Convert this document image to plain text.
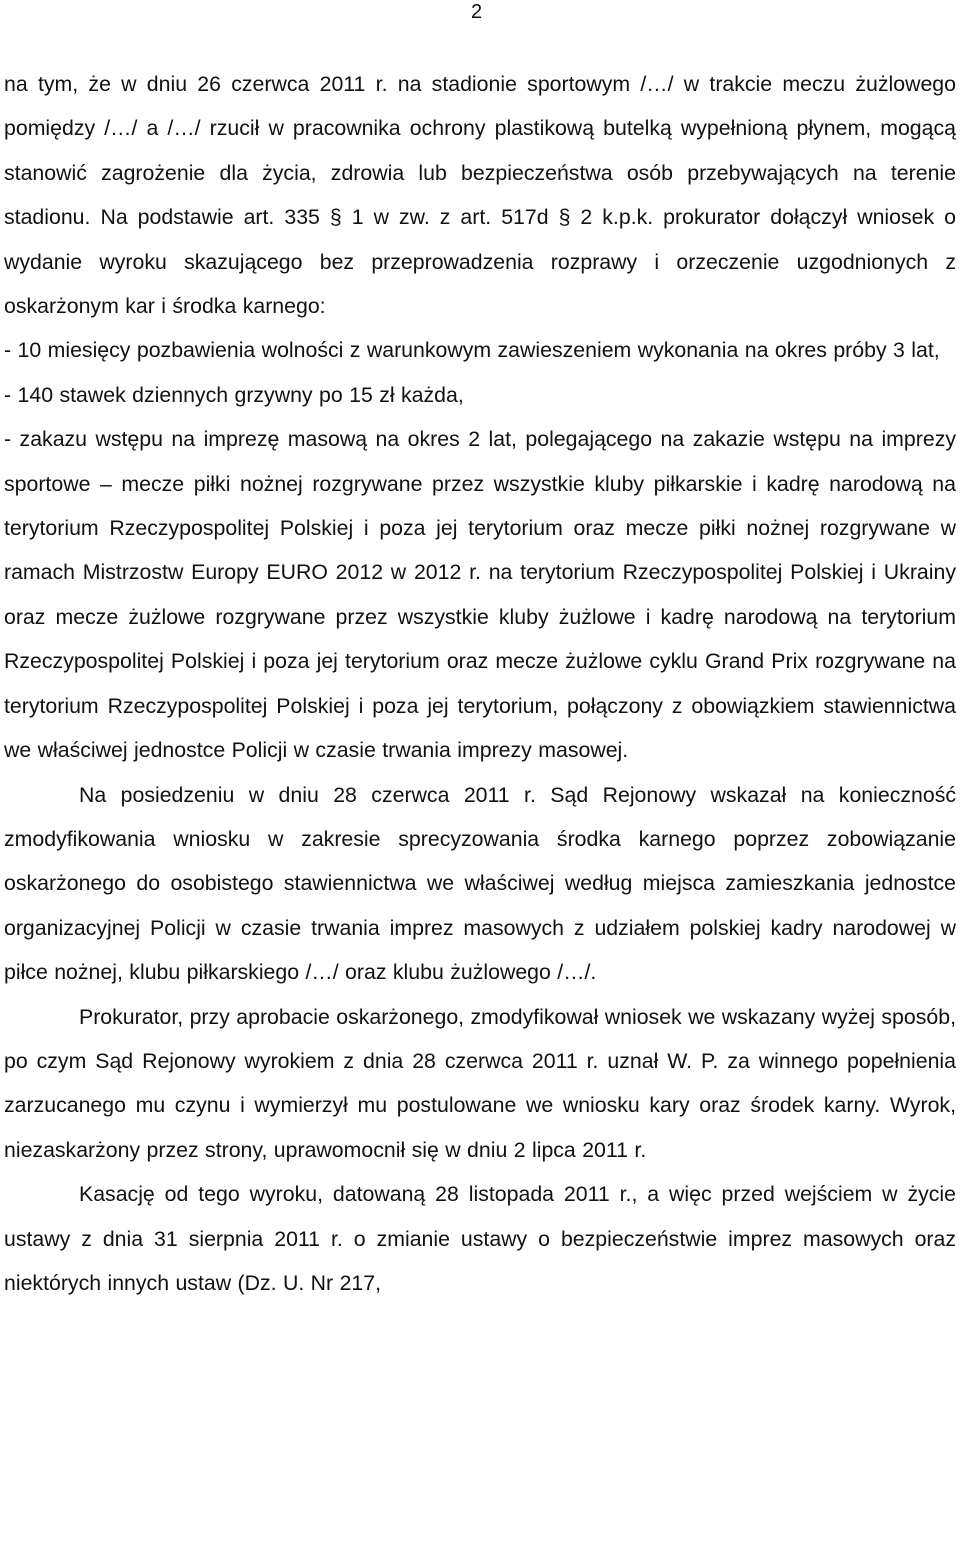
2

na tym, że w dniu 26 czerwca 2011 r. na stadionie sportowym /…/ w trakcie meczu żużlowego pomiędzy /…/ a /…/ rzucił w pracownika ochrony plastikową butelką wypełnioną płynem, mogącą stanowić zagrożenie dla życia, zdrowia lub bezpieczeństwa osób przebywających na terenie stadionu. Na podstawie art. 335 § 1 w zw. z art. 517d § 2 k.p.k. prokurator dołączył wniosek o wydanie wyroku skazującego bez przeprowadzenia rozprawy i orzeczenie uzgodnionych z oskarżonym kar i środka karnego:

- 10 miesięcy pozbawienia wolności z warunkowym zawieszeniem wykonania na okres próby 3 lat,

- 140 stawek dziennych grzywny po 15 zł każda,

- zakazu wstępu na imprezę masową na okres 2 lat, polegającego na zakazie wstępu na imprezy sportowe – mecze piłki nożnej rozgrywane przez wszystkie kluby piłkarskie i kadrę narodową na terytorium Rzeczypospolitej Polskiej i poza jej terytorium oraz mecze piłki nożnej rozgrywane w ramach Mistrzostw Europy EURO 2012 w 2012 r. na terytorium Rzeczypospolitej Polskiej i Ukrainy oraz mecze żużlowe rozgrywane przez wszystkie kluby żużlowe i kadrę narodową na terytorium Rzeczypospolitej Polskiej i poza jej terytorium oraz mecze żużlowe cyklu Grand Prix rozgrywane na terytorium Rzeczypospolitej Polskiej i poza jej terytorium, połączony z obowiązkiem stawiennictwa we właściwej jednostce Policji w czasie trwania imprezy masowej.

Na posiedzeniu w dniu 28 czerwca 2011 r. Sąd Rejonowy wskazał na konieczność zmodyfikowania wniosku w zakresie sprecyzowania środka karnego poprzez zobowiązanie oskarżonego do osobistego stawiennictwa we właściwej według miejsca zamieszkania jednostce organizacyjnej Policji w czasie trwania imprez masowych z udziałem polskiej kadry narodowej w piłce nożnej, klubu piłkarskiego /…/ oraz klubu żużlowego /…/.

Prokurator, przy aprobacie oskarżonego, zmodyfikował wniosek we wskazany wyżej sposób, po czym Sąd Rejonowy wyrokiem z dnia 28 czerwca 2011 r. uznał W. P. za winnego popełnienia zarzucanego mu czynu i wymierzył mu postulowane we wniosku kary oraz środek karny. Wyrok, niezaskarżony przez strony, uprawomocnił się w dniu 2 lipca 2011 r.

Kasację od tego wyroku, datowaną 28 listopada 2011 r., a więc przed wejściem w życie ustawy z dnia 31 sierpnia 2011 r. o zmianie ustawy o bezpieczeństwie imprez masowych oraz niektórych innych ustaw (Dz. U. Nr 217,
